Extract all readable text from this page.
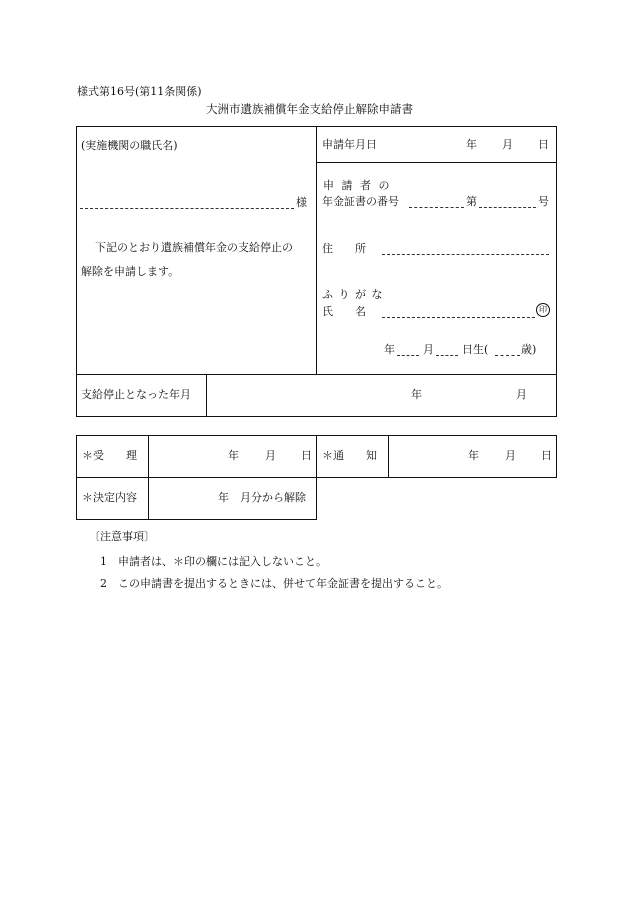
様式第16号(第11条関係)
大洲市遺族補償年金支給停止解除申請書
(実施機関の職氏名)
様
下記のとおり遺族補償年金の支給停止の
解除を申請します。
申請年月日	年 月 日
申 請 者 の
年金証書の番号	第	号
住　　所
ふ り が な
氏　　名	印
年	月	日生(	歳)
支給停止となった年月	年	月
＊受　　理	年 月 日 ＊通　　知	年 月 日
＊決定内容	年 月分から解除
〔注意事項〕
1 申請者は、＊印の欄には記入しないこと。
2 この申請書を提出するときには、併せて年金証書を提出すること。
